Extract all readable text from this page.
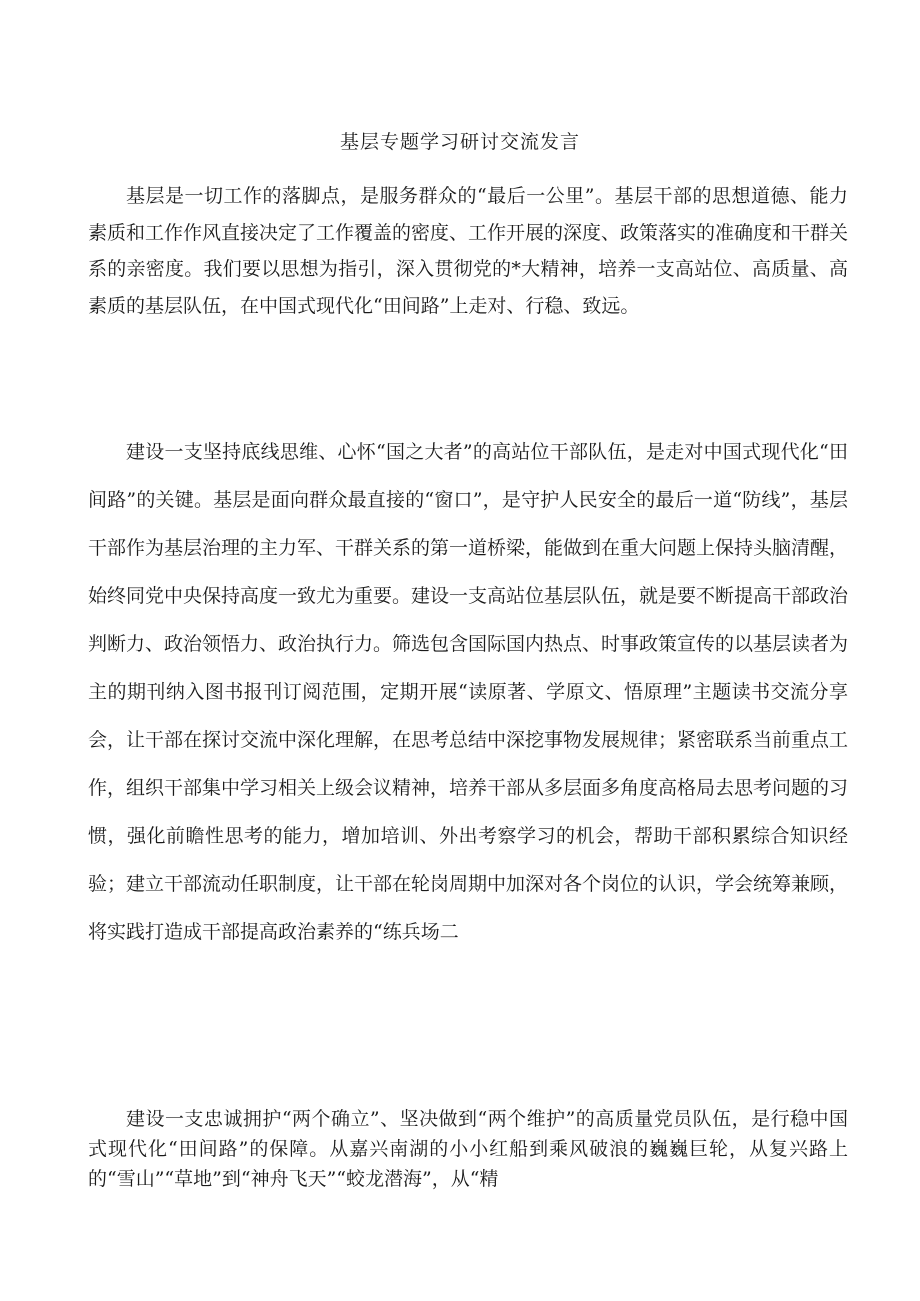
基层专题学习研讨交流发言
基层是一切工作的落脚点，是服务群众的“最后一公里”。基层干部的思想道德、能力素质和工作作风直接决定了工作覆盖的密度、工作开展的深度、政策落实的准确度和干群关系的亲密度。我们要以思想为指引，深入贯彻党的*大精神，培养一支高站位、高质量、高素质的基层队伍，在中国式现代化“田间路”上走对、行稳、致远。
建设一支坚持底线思维、心怀“国之大者”的高站位干部队伍，是走对中国式现代化“田间路”的关键。基层是面向群众最直接的“窗口”，是守护人民安全的最后一道“防线”，基层干部作为基层治理的主力军、干群关系的第一道桥梁，能做到在重大问题上保持头脑清醒，始终同党中央保持高度一致尤为重要。建设一支高站位基层队伍，就是要不断提高干部政治判断力、政治领悟力、政治执行力。筛选包含国际国内热点、时事政策宣传的以基层读者为主的期刊纳入图书报刊订阅范围，定期开展“读原著、学原文、悟原理”主题读书交流分享会，让干部在探讨交流中深化理解，在思考总结中深挖事物发展规律；紧密联系当前重点工作，组织干部集中学习相关上级会议精神，培养干部从多层面多角度高格局去思考问题的习惯，强化前瞻性思考的能力，增加培训、外出考察学习的机会，帮助干部积累综合知识经验；建立干部流动任职制度，让干部在轮岗周期中加深对各个岗位的认识，学会统筹兼顾，将实践打造成干部提高政治素养的“练兵场二
建设一支忠诚拥护“两个确立”、坚决做到“两个维护”的高质量党员队伍，是行稳中国式现代化“田间路”的保障。从嘉兴南湖的小小红船到乘风破浪的巍巍巨轮，从复兴路上的“雪山”“草地”到“神舟飞天”“蛟龙潜海”，从“精
